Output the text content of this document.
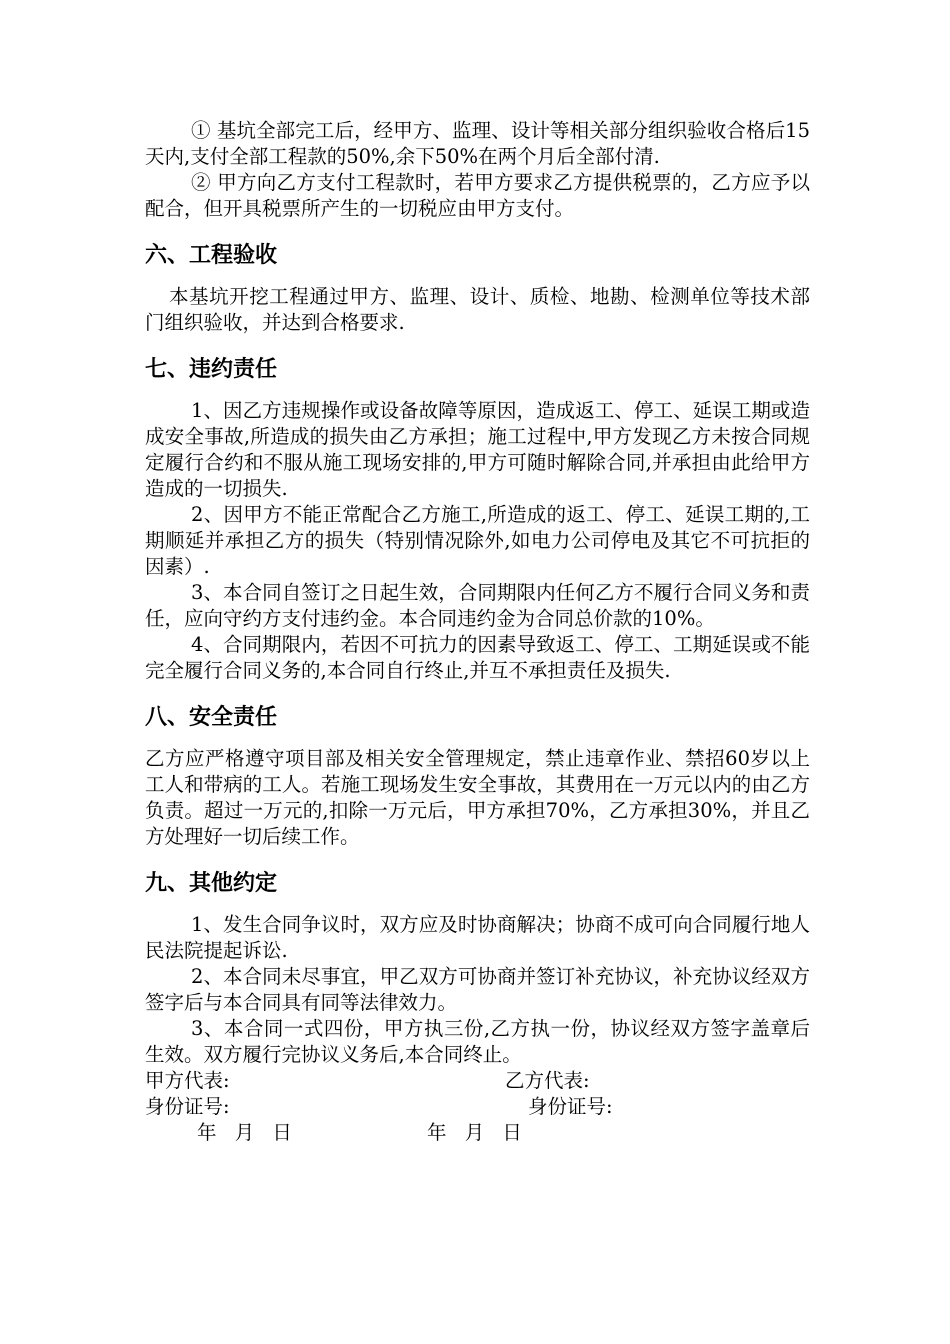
① 基坑全部完工后，经甲方、监理、设计等相关部分组织验收合格后15天内,支付全部工程款的50%,余下50%在两个月后全部付清.

② 甲方向乙方支付工程款时，若甲方要求乙方提供税票的，乙方应予以配合，但开具税票所产生的一切税应由甲方支付。

六、工程验收

本基坑开挖工程通过甲方、监理、设计、质检、地勘、检测单位等技术部门组织验收，并达到合格要求.

七、违约责任

1、因乙方违规操作或设备故障等原因，造成返工、停工、延误工期或造成安全事故,所造成的损失由乙方承担；施工过程中,甲方发现乙方未按合同规定履行合约和不服从施工现场安排的,甲方可随时解除合同,并承担由此给甲方造成的一切损失.

2、因甲方不能正常配合乙方施工,所造成的返工、停工、延误工期的,工期顺延并承担乙方的损失（特别情况除外,如电力公司停电及其它不可抗拒的因素）.

3、本合同自签订之日起生效，合同期限内任何乙方不履行合同义务和责任，应向守约方支付违约金。本合同违约金为合同总价款的10%。

4、合同期限内，若因不可抗力的因素导致返工、停工、工期延误或不能完全履行合同义务的,本合同自行终止,并互不承担责任及损失.

八、安全责任

乙方应严格遵守项目部及相关安全管理规定，禁止违章作业、禁招60岁以上工人和带病的工人。若施工现场发生安全事故，其费用在一万元以内的由乙方负责。超过一万元的,扣除一万元后，甲方承担70%，乙方承担30%，并且乙方处理好一切后续工作。

九、其他约定

1、发生合同争议时，双方应及时协商解决；协商不成可向合同履行地人民法院提起诉讼.

2、本合同未尽事宜，甲乙双方可协商并签订补充协议，补充协议经双方签字后与本合同具有同等法律效力。

3、本合同一式四份，甲方执三份,乙方执一份，协议经双方签字盖章后生效。双方履行完协议义务后,本合同终止。

甲方代表:	乙方代表:
身份证号:	身份证号:
年 月 日	年 月 日
